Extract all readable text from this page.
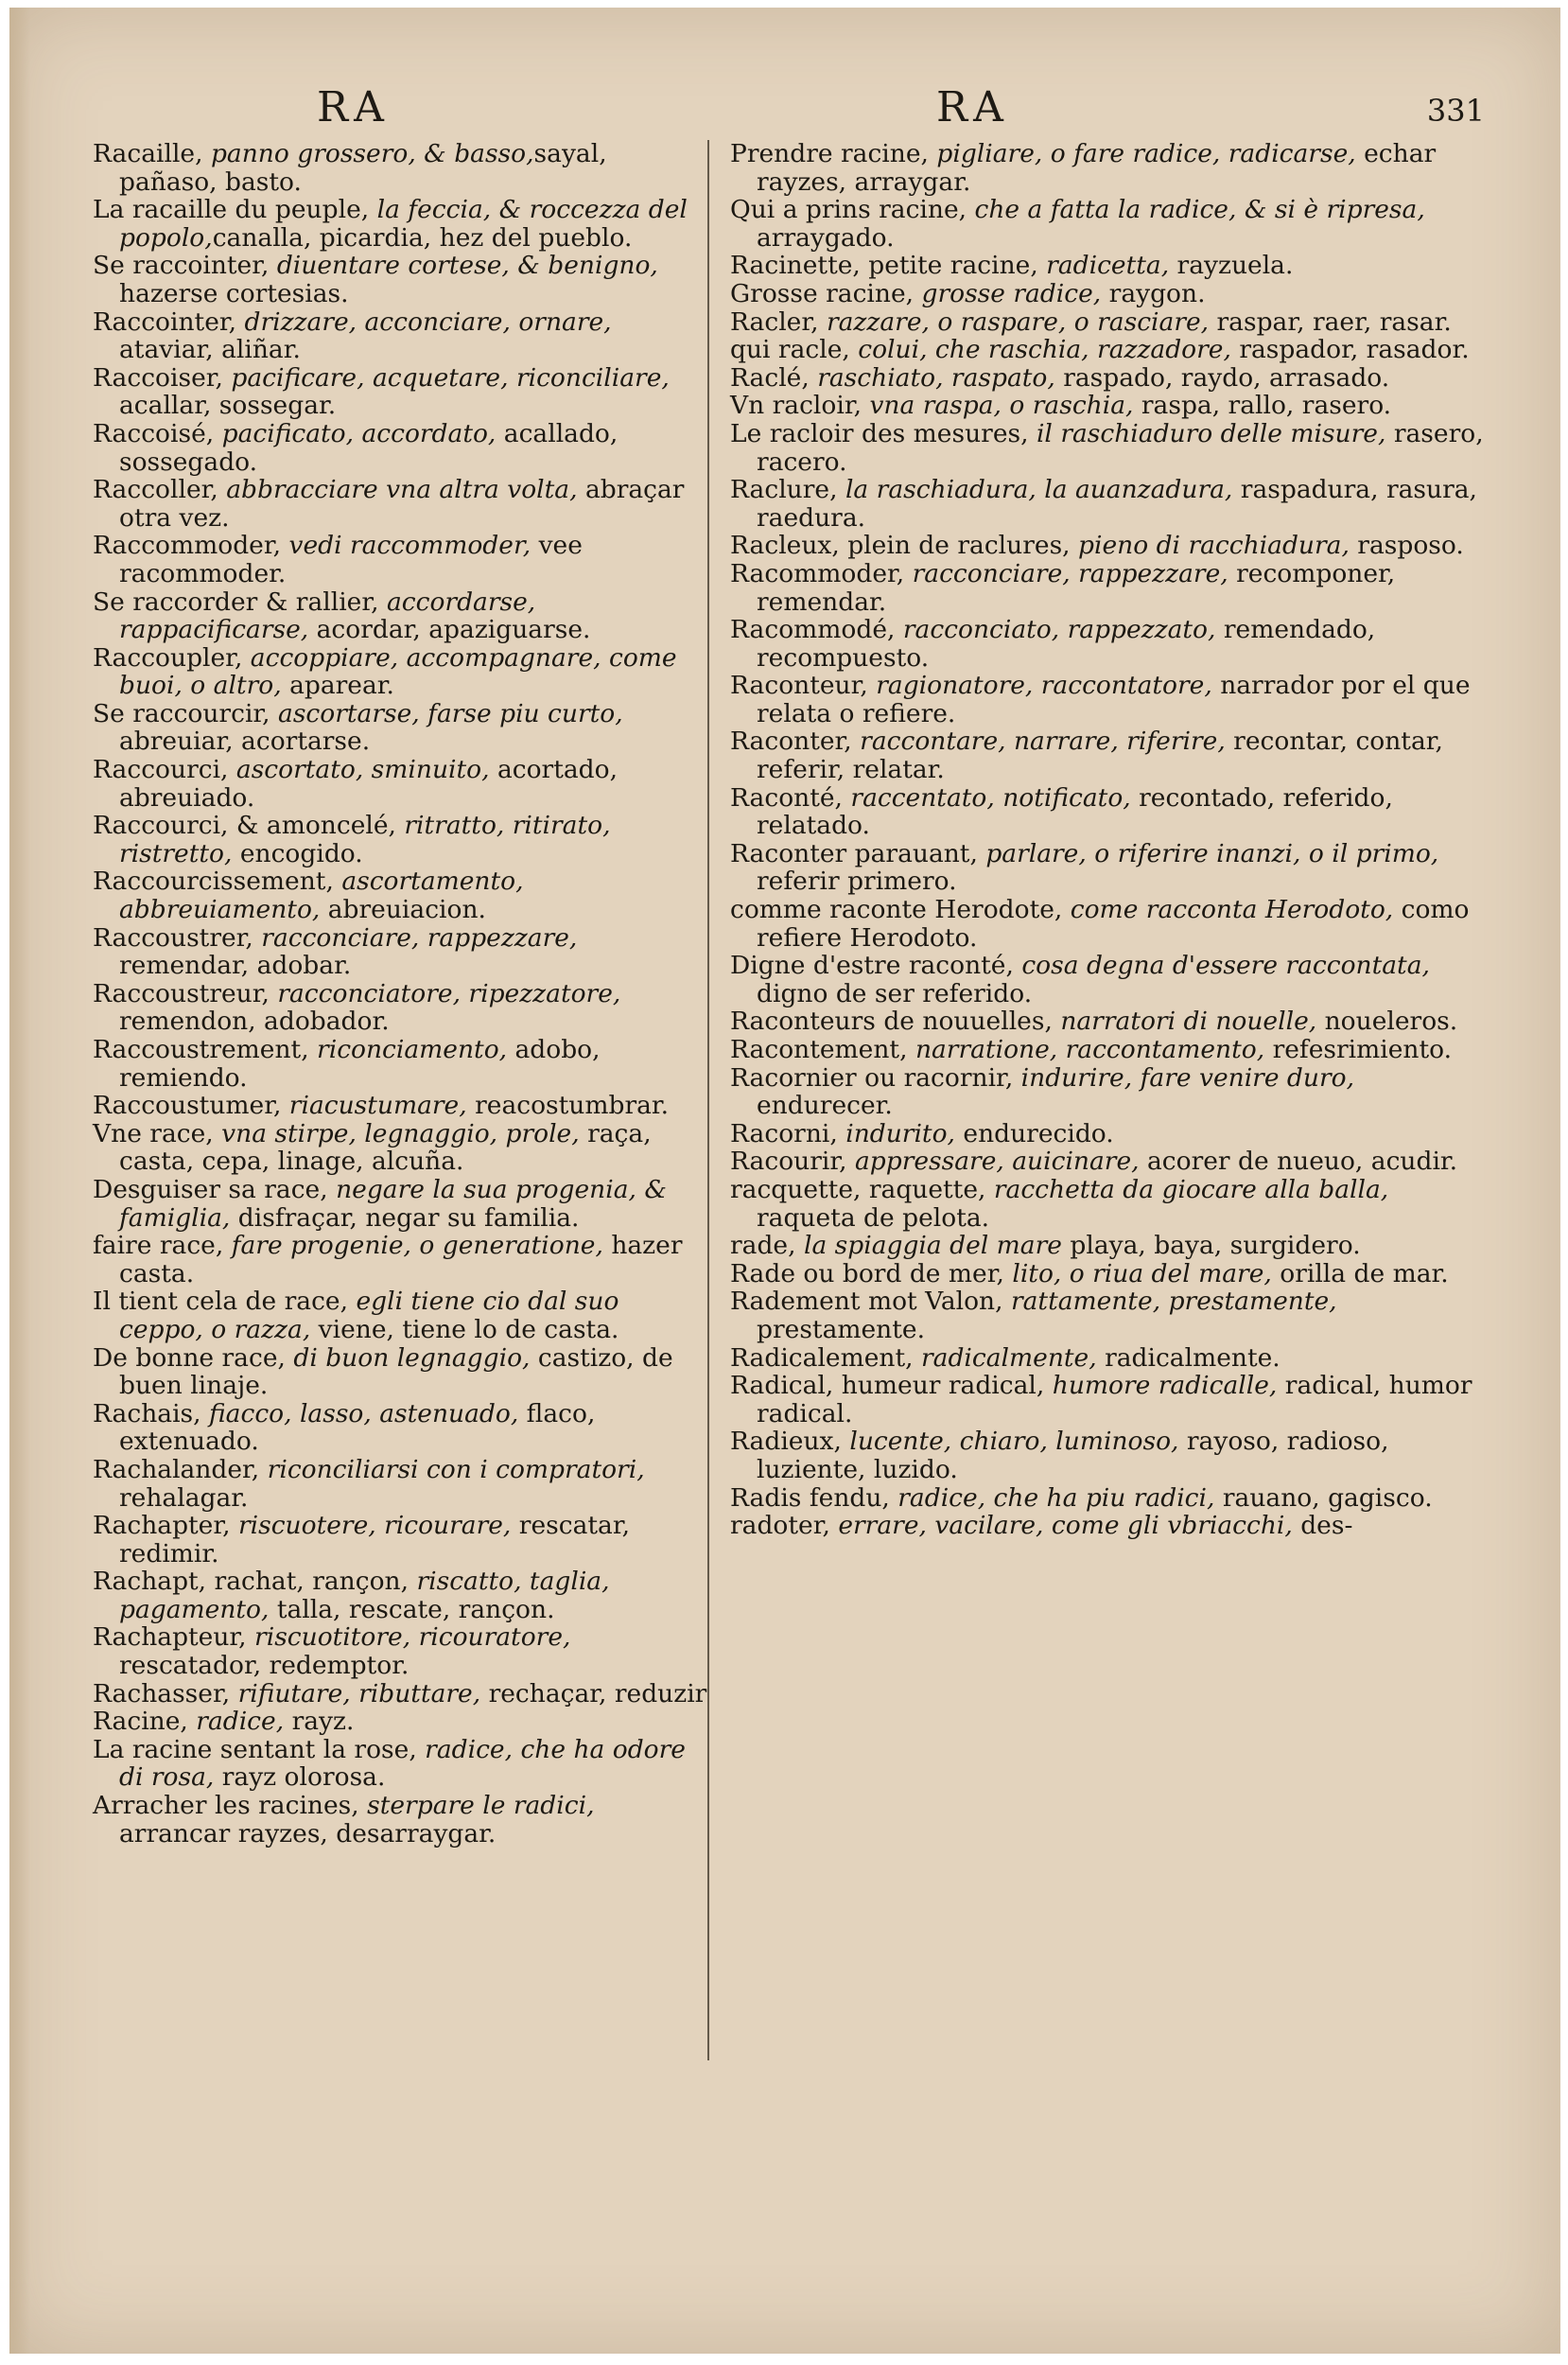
RA	RA	331

Racaille, panno grossero, & basso,sayal, pañaso, basto.

La racaille du peuple, la feccia, & roccezza del popolo,canalla, picardia, hez del pueblo.

Se raccointer, diuentare cortese, & benigno, hazerse cortesias.

Raccointer, drizzare, acconciare, ornare, ataviar, aliñar.

Raccoiser, pacificare, acquetare, riconciliare, acallar, sossegar.

Raccoisé, pacificato, accordato, acallado, sossegado.

Raccoller, abbracciare vna altra volta, abraçar otra vez.

Raccommoder, vedi raccommoder, vee racommoder.

Se raccorder & rallier, accordarse, rappacificarse, acordar, apaziguarse.

Raccoupler, accoppiare, accompagnare, come buoi, o altro, aparear.

Se raccourcir, ascortarse, farse piu curto, abreuiar, acortarse.

Raccourci, ascortato, sminuito, acortado, abreuiado.

Raccourci, & amoncelé, ritratto, ritirato, ristretto, encogido.

Raccourcissement, ascortamento, abbreuiamento, abreuiacion.

Raccoustrer, racconciare, rappezzare, remendar, adobar.

Raccoustreur, racconciatore, ripezzatore, remendon, adobador.

Raccoustrement, riconciamento, adobo, remiendo.

Raccoustumer, riacustumare, reacostumbrar.

Vne race, vna stirpe, legnaggio, prole, raça, casta, cepa, linage, alcuña.

Desguiser sa race, negare la sua progenia, & famiglia, disfraçar, negar su familia.

faire race, fare progenie, o generatione, hazer casta.

Il tient cela de race, egli tiene cio dal suo ceppo, o razza, viene, tiene lo de casta.

De bonne race, di buon legnaggio, castizo, de buen linaje.

Rachais, fiacco, lasso, astenuado, flaco, extenuado.

Rachalander, riconciliarsi con i compratori, rehalagar.

Rachapter, riscuotere, ricourare, rescatar, redimir.

Rachapt, rachat, rançon, riscatto, taglia, pagamento, talla, rescate, rançon.

Rachapteur, riscuotitore, ricouratore, rescatador, redemptor.

Rachasser, rifiutare, ributtare, rechaçar, reduzir

Racine, radice, rayz.

La racine sentant la rose, radice, che ha odore di rosa, rayz olorosa.

Arracher les racines, sterpare le radici, arrancar rayzes, desarraygar.

Prendre racine, pigliare, o fare radice, radicarse, echar rayzes, arraygar.

Qui a prins racine, che a fatta la radice, & si è ripresa, arraygado.

Racinette, petite racine, radicetta, rayzuela.

Grosse racine, grosse radice, raygon.

Racler, razzare, o raspare, o rasciare, raspar, raer, rasar.

qui racle, colui, che raschia, razzadore, raspador, rasador.

Raclé, raschiato, raspato, raspado, raydo, arrasado.

Vn racloir, vna raspa, o raschia, raspa, rallo, rasero.

Le racloir des mesures, il raschiaduro delle misure, rasero, racero.

Raclure, la raschiadura, la auanzadura, raspadura, rasura, raedura.

Racleux, plein de raclures, pieno di racchiadura, rasposo.

Racommoder, racconciare, rappezzare, recomponer, remendar.

Racommodé, racconciato, rappezzato, remendado, recompuesto.

Raconteur, ragionatore, raccontatore, narrador por el que relata o refiere.

Raconter, raccontare, narrare, riferire, recontar, contar, referir, relatar.

Raconté, raccentato, notificato, recontado, referido, relatado.

Raconter parauant, parlare, o riferire inanzi, o il primo, referir primero.

comme raconte Herodote, come racconta Herodoto, como refiere Herodoto.

Digne d'estre raconté, cosa degna d'essere raccontata, digno de ser referido.

Raconteurs de nouuelles, narratori di nouelle, noueleros.

Racontement, narratione, raccontamento, refesrimiento.

Racornier ou racornir, indurire, fare venire duro, endurecer.

Racorni, indurito, endurecido.

Racourir, appressare, auicinare, acorer de nueuo, acudir.

racquette, raquette, racchetta da giocare alla balla, raqueta de pelota.

rade, la spiaggia del mare playa, baya, surgidero.

Rade ou bord de mer, lito, o riua del mare, orilla de mar.

Radement mot Valon, rattamente, prestamente, prestamente.

Radicalement, radicalmente, radicalmente.

Radical, humeur radical, humore radicalle, radical, humor radical.

Radieux, lucente, chiaro, luminoso, rayoso, radioso, luziente, luzido.

Radis fendu, radice, che ha piu radici, rauano, gagisco.

radoter, errare, vacilare, come gli vbriacchi, des-
